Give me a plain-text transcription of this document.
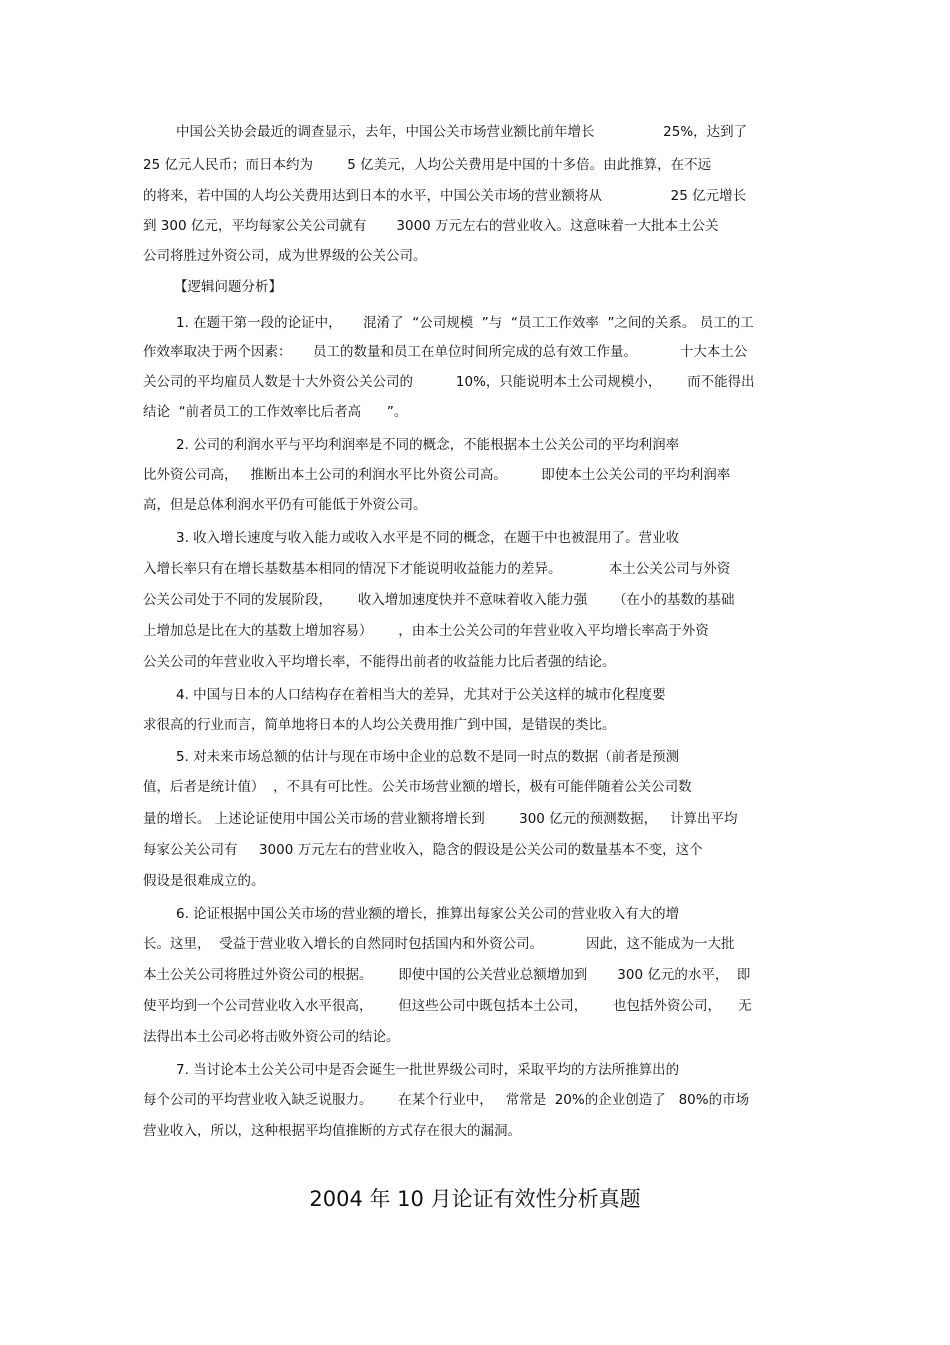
中国公关协会最近的调查显示，去年，中国公关市场营业额比前年增长                25%，达到了
25 亿元人民币；而日本约为        5 亿美元，人均公关费用是中国的十多倍。由此推算，在不远
的将来，若中国的人均公关费用达到日本的水平，中国公关市场的营业额将从                25 亿元增长
到 300 亿元，平均每家公关公司就有       3000 万元左右的营业收入。这意味着一大批本土公关
公司将胜过外资公司，成为世界级的公关公司。
【逻辑问题分析】
1. 在题干第一段的论证中，     混淆了  “公司规模  ”与  “员工工作效率  ”之间的关系。 员工的工
作效率取决于两个因素：     员工的数量和员工在单位时间所完成的总有效工作量。          十大本土公
关公司的平均雇员人数是十大外资公关公司的          10%，只能说明本土公司规模小，      而不能得出
结论  “前者员工的工作效率比后者高      ”。
2. 公司的利润水平与平均利润率是不同的概念，不能根据本土公关公司的平均利润率
比外资公司高，   推断出本土公司的利润水平比外资公司高。        即使本土公关公司的平均利润率
高，但是总体利润水平仍有可能低于外资公司。
3. 收入增长速度与收入能力或收入水平是不同的概念，在题干中也被混用了。营业收
入增长率只有在增长基数基本相同的情况下才能说明收益能力的差异。           本土公关公司与外资
公关公司处于不同的发展阶段，      收入增加速度快并不意味着收入能力强      （在小的基数的基础
上增加总是比在大的基数上增加容易）      ，由本土公关公司的年营业收入平均增长率高于外资
公关公司的年营业收入平均增长率，不能得出前者的收益能力比后者强的结论。
4. 中国与日本的人口结构存在着相当大的差异，尤其对于公关这样的城市化程度要
求很高的行业而言，简单地将日本的人均公关费用推广到中国，是错误的类比。
5. 对未来市场总额的估计与现在市场中企业的总数不是同一时点的数据（前者是预测
值，后者是统计值）  ，不具有可比性。公关市场营业额的增长，极有可能伴随着公关公司数
量的增长。 上述论证使用中国公关市场的营业额将增长到        300 亿元的预测数据，   计算出平均
每家公关公司有     3000 万元左右的营业收入，隐含的假设是公关公司的数量基本不变，这个
假设是很难成立的。
6. 论证根据中国公关市场的营业额的增长，推算出每家公关公司的营业收入有大的增
长。这里，  受益于营业收入增长的自然同时包括国内和外资公司。          因此，这不能成为一大批
本土公关公司将胜过外资公司的根据。      即使中国的公关营业总额增加到       300 亿元的水平，  即
使平均到一个公司营业收入水平很高，      但这些公司中既包括本土公司，      也包括外资公司，    无
法得出本土公司必将击败外资公司的结论。
7. 当讨论本土公关公司中是否会诞生一批世界级公司时，采取平均的方法所推算出的
每个公司的平均营业收入缺乏说服力。      在某个行业中，   常常是  20%的企业创造了   80%的市场
营业收入，所以，这种根据平均值推断的方式存在很大的漏洞。
2004 年 10 月论证有效性分析真题
